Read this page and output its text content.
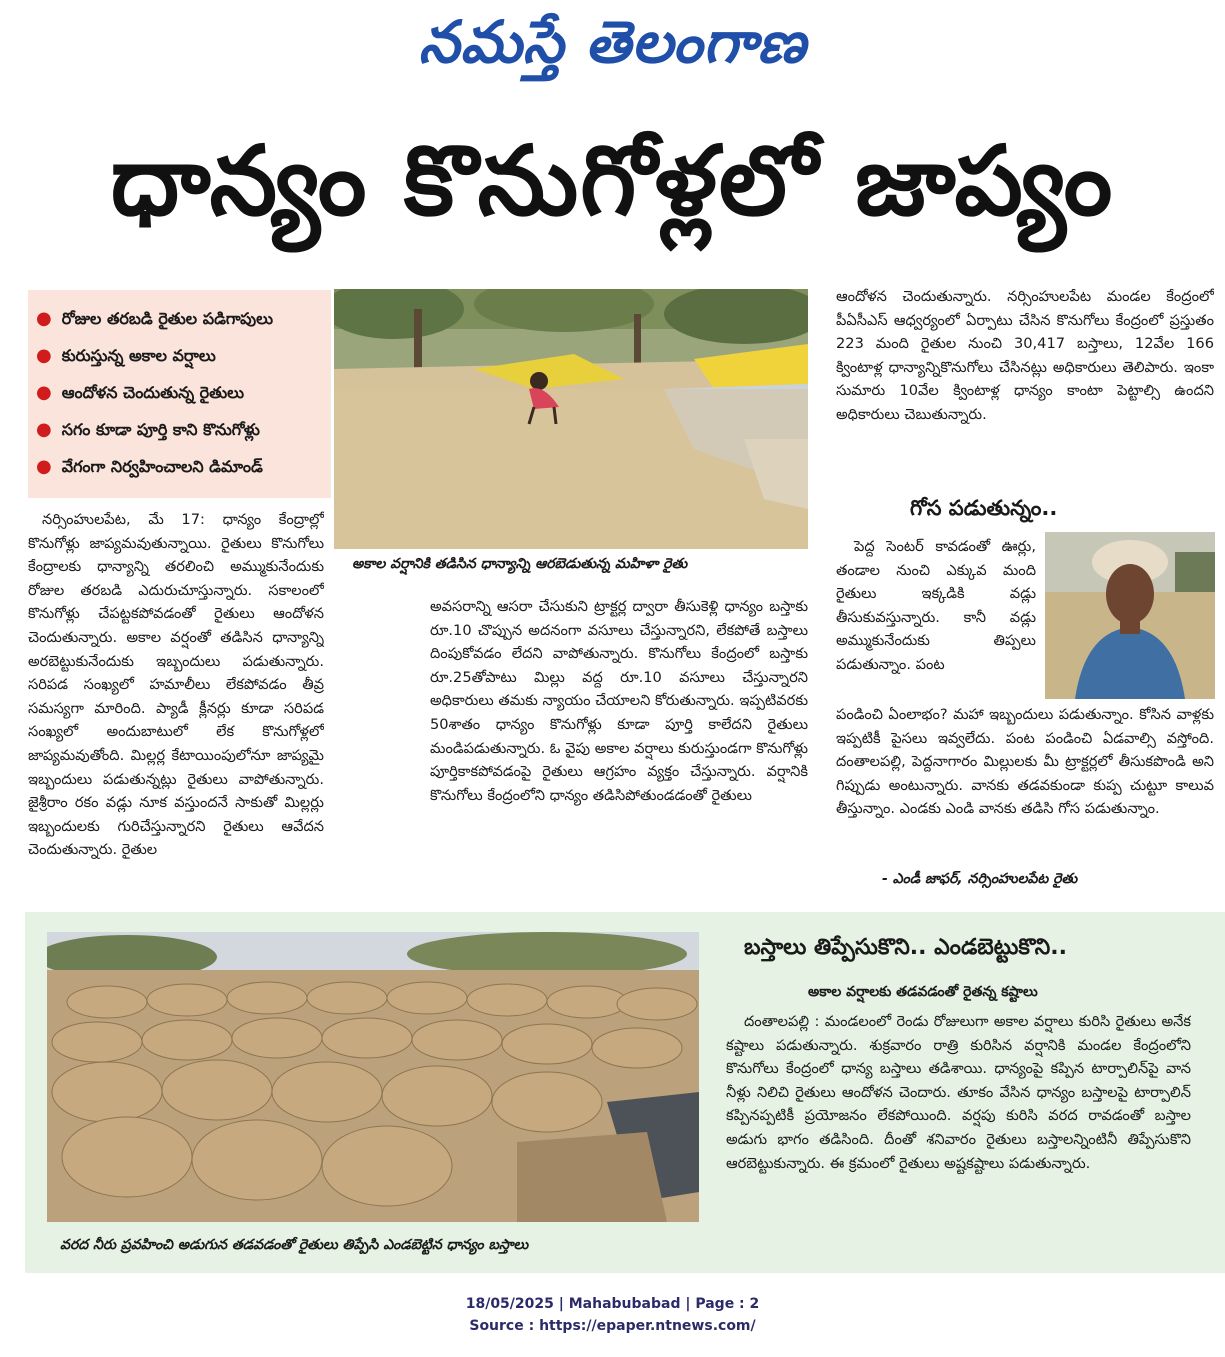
నమస్తే తెలంగాణ
ధాన్యం కొనుగోళ్లలో జాప్యం
● రోజుల తరబడి రైతుల పడిగాపులు
● కురుస్తున్న అకాల వర్షాలు
● ఆందోళన చెందుతున్న రైతులు
● సగం కూడా పూర్తి కాని కొనుగోళ్లు
● వేగంగా నిర్వహించాలని డిమాండ్
అకాల వర్షానికి తడిసిన ధాన్యాన్ని ఆరబెడుతున్న మహిళా రైతు
నర్సింహులపేట, మే 17: ధాన్యం కేంద్రాల్లో కొనుగోళ్లు జాప్యమవుతున్నాయి. రైతులు కొనుగోలు కేంద్రాలకు ధాన్యాన్ని తరలించి అమ్ముకునేందుకు రోజుల తరబడి ఎదురుచూస్తున్నారు. సకాలంలో కొనుగోళ్లు చేపట్టకపోవడంతో రైతులు ఆందోళన చెందుతున్నారు. అకాల వర్షంతో తడిసిన ధాన్యాన్ని అరబెట్టుకునేందుకు ఇబ్బందులు పడుతున్నారు. సరిపడ సంఖ్యలో హమాలీలు లేకపోవడం తీవ్ర సమస్యగా మారింది. ప్యాడీ క్లీనర్లు కూడా సరిపడ సంఖ్యలో అందుబాటులో లేక కొనుగోళ్లలో జాప్యమవుతోంది. మిల్లర్ల కేటాయింపులోనూ జాప్యమై ఇబ్బందులు పడుతున్నట్లు రైతులు వాపోతున్నారు. జైశ్రీరాం రకం వడ్లు నూక వస్తుందనే సాకుతో మిల్లర్లు ఇబ్బందులకు గురిచేస్తున్నారని రైతులు ఆవేదన చెందుతున్నారు. రైతుల
అవసరాన్ని ఆసరా చేసుకుని ట్రాక్టర్ల ద్వారా తీసుకెళ్లి ధాన్యం బస్తాకు రూ.10 చొప్పున అదనంగా వసూలు చేస్తున్నారని, లేకపోతే బస్తాలు దింపుకోవడం లేదని వాపోతున్నారు. కొనుగోలు కేంద్రంలో బస్తాకు రూ.25తోపాటు మిల్లు వద్ద రూ.10 వసూలు చేస్తున్నారని అధికారులు తమకు న్యాయం చేయాలని కోరుతున్నారు. ఇప్పటివరకు 50శాతం ధాన్యం కొనుగోళ్లు కూడా పూర్తి కాలేదని రైతులు మండిపడుతున్నారు. ఓ వైపు అకాల వర్షాలు కురుస్తుండగా కొనుగోళ్లు పూర్తికాకపోవడంపై రైతులు ఆగ్రహం వ్యక్తం చేస్తున్నారు. వర్షానికి కొనుగోలు కేంద్రంలోని ధాన్యం తడిసిపోతుండడంతో రైతులు
ఆందోళన చెందుతున్నారు. నర్సింహులపేట మండల కేంద్రంలో పీఏసీఎస్ ఆధ్వర్యంలో ఏర్పాటు చేసిన కొనుగోలు కేంద్రంలో ప్రస్తుతం 223 మంది రైతుల నుంచి 30,417 బస్తాలు, 12వేల 166 క్వింటాళ్ల ధాన్యాన్నికొనుగోలు చేసినట్లు అధికారులు తెలిపారు. ఇంకా సుమారు 10వేల క్వింటాళ్ల ధాన్యం కాంటా పెట్టాల్సి ఉందని అధికారులు చెబుతున్నారు.
గోస పడుతున్నం..
పెద్ద సెంటర్ కావడంతో ఊర్లు, తండాల నుంచి ఎక్కువ మంది రైతులు ఇక్కడికి వడ్లు తీసుకువస్తున్నారు. కానీ వడ్లు అమ్ముకునేందుకు తిప్పలు పడుతున్నాం. పంట
పండించి ఏంలాభం? మహా ఇబ్బందులు పడుతున్నాం. కోసిన వాళ్లకు ఇప్పటికీ పైసలు ఇవ్వలేదు. పంట పండించి ఏడవాల్సి వస్తోంది. దంతాలపల్లి, పెద్దనాగారం మిల్లులకు మీ ట్రాక్టర్లలో తీసుకపొండి అని గిప్పుడు అంటున్నారు. వానకు తడవకుండా కుప్ప చుట్టూ కాలువ తీస్తున్నాం. ఎండకు ఎండి వానకు తడిసి గోస పడుతున్నాం.
- ఎండీ జాఫర్, నర్సింహులపేట రైతు
వరద నీరు ప్రవహించి అడుగున తడవడంతో రైతులు తిప్పేసి ఎండబెట్టిన ధాన్యం బస్తాలు
బస్తాలు తిప్పేసుకొని.. ఎండబెట్టుకొని..
అకాల వర్షాలకు తడవడంతో రైతన్న కష్టాలు
దంతాలపల్లి : మండలంలో రెండు రోజులుగా అకాల వర్షాలు కురిసి రైతులు అనేక కష్టాలు పడుతున్నారు. శుక్రవారం రాత్రి కురిసిన వర్షానికి మండల కేంద్రంలోని కొనుగోలు కేంద్రంలో ధాన్య బస్తాలు తడిశాయి. ధాన్యంపై కప్పిన టార్పాలిన్‌పై వాన నీళ్లు నిలిచి రైతులు ఆందోళన చెందారు. తూకం వేసిన ధాన్యం బస్తాలపై టార్పాలిన్ కప్పినప్పటికీ ప్రయోజనం లేకపోయింది. వర్షపు కురిసి వరద రావడంతో బస్తాల అడుగు భాగం తడిసింది. దీంతో శనివారం రైతులు బస్తాలన్నింటినీ తిప్పేసుకొని ఆరబెట్టుకున్నారు. ఈ క్రమంలో రైతులు అష్టకష్టాలు పడుతున్నారు.
18/05/2025 | Mahabubabad | Page : 2
Source : https://epaper.ntnews.com/
